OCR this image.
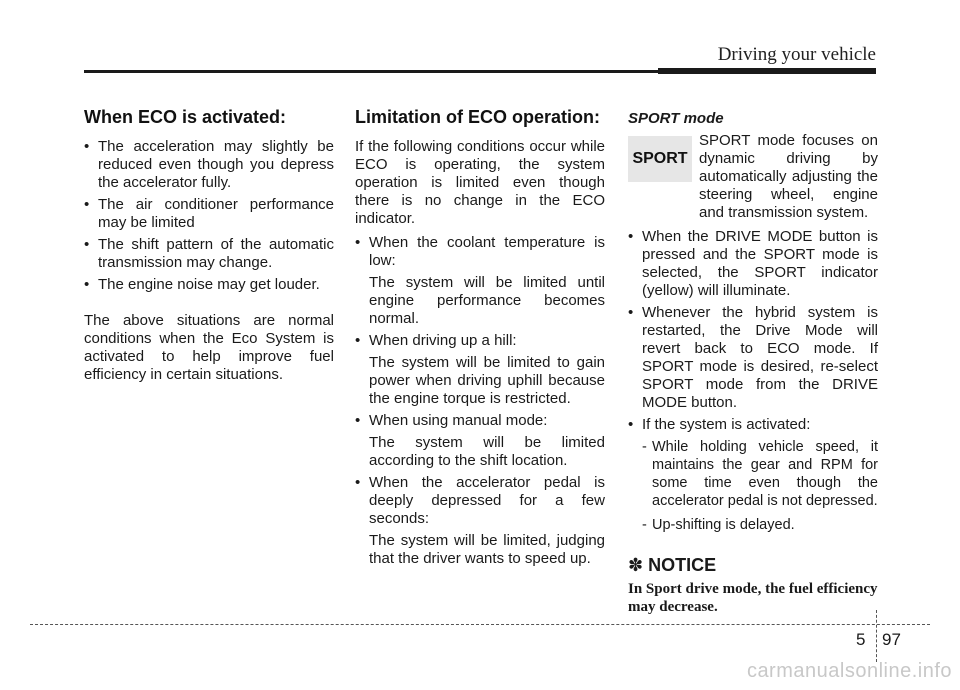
Driving your vehicle
When ECO is activated:
• The acceleration may slightly be reduced even though you depress the accelerator fully.
• The air conditioner performance may be limited
• The shift pattern of the automatic transmission may change.
• The engine noise may get louder.

The above situations are normal conditions when the Eco System is activated to help improve fuel efficiency in certain situations.

Limitation of ECO operation:

If the following conditions occur while ECO is operating, the system operation is limited even though there is no change in the ECO indicator.

• When the coolant temperature is low:
The system will be limited until engine performance becomes normal.
• When driving up a hill:
The system will be limited to gain power when driving uphill because the engine torque is restricted.
• When using manual mode:
The system will be limited according to the shift location.
• When the accelerator pedal is deeply depressed for a few seconds:
The system will be limited, judging that the driver wants to speed up.
SPORT mode
SPORT
SPORT mode focuses on dynamic driving by automatically adjusting the steering wheel, engine and transmission system.
• When the DRIVE MODE button is pressed and the SPORT mode is selected, the SPORT indicator (yellow) will illuminate.
• Whenever the hybrid system is restarted, the Drive Mode will revert back to ECO mode. If SPORT mode is desired, re-select SPORT mode from the DRIVE MODE button.
• If the system is activated:
- While holding vehicle speed, it maintains the gear and RPM for some time even though the accelerator pedal is not depressed.
- Up-shifting is delayed.
✽ NOTICE
In Sport drive mode, the fuel efficiency may decrease.
5 97
carmanualsonline.info
